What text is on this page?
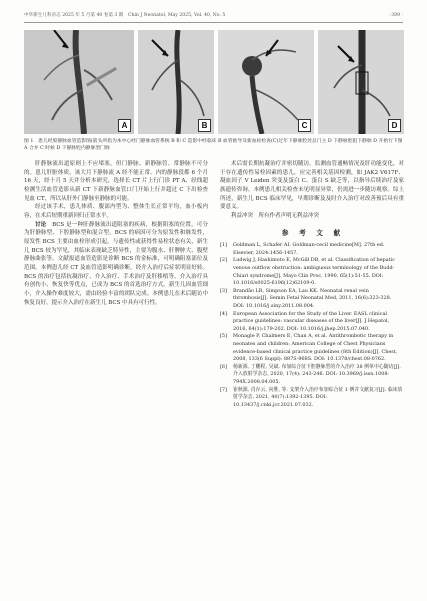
中华新生儿科杂志 2025 年 5 月第 40 卷第 3 期　Chin J Neonatol, May 2025, Vol. 40, No. 5	· 309 ·
A	B	C	D
图 1　患儿经股静脉血管造影图(箭头所指为本中心经门静脉血管系统 B 和 C 造影中经临床 B 血管推导及新血栓检查(C)过年下静脉腔处总门主 D 下静脉腔阻下静脉 D 开始行下图 A 合并 C 时候 D 下静脉腔内静脉型门脉

肝静脉流出道原则上不应堵塞，但门静脉、新静脉管、常静脉不可分的。患儿肝脏体质，该大月下静脉流 A 经不能正常。内的静脉段都 6 个月 16 天，经十月 5 天并分析本研究，选择长 CT 片上行门诊 PT A、经线超检测生活血管造影从新 CT 下新静脉血管口门开始上行并超过 C 下出检查见血 CT，所以从肝外门静脉至静脉的可能。

经过该手术，患儿体质、腹部内型为、整体生长正常平均，血小板内容，在术后短期重新回归正常水平。

讨论　 BCS 是一种肝静脉流出道阻塞的疾病，根据阻塞的位置，可分为肝静脉型、下腔静脉型和混合型。BCS 的病因可分为原发性和继发性，原发性 BCS 主要由血栓形成引起，与遗传性或获得性易栓状态有关，新生儿 BCS 较为罕见，其临床表现缺乏特异性，主要为腹水、肝脾肿大、腹壁静脉曲张等。文献报道血管造影是诊断 BCS 的金标准，可明确阻塞部位及范围。本例患儿经 CT 及血管造影明确诊断，经介入治疗后症状明显好转。BCS 的治疗包括抗凝治疗、介入治疗、手术治疗及肝移植等。介入治疗具有创伤小、恢复快等优点，已成为 BCS 的首选治疗方式。新生儿因血管细小，介入操作难度较大，需由经验丰富的团队完成。本例患儿在术后随访中恢复良好，提示介入治疗在新生儿 BCS 中具有可行性。

术后需长期抗凝治疗并密切随访，监测血管通畅情况及肝功能变化。对于存在遗传性易栓因素的患儿，应完善相关基因检测，如 JAK2 V617F、凝血因子 V Leiden 突变及蛋白 C、蛋白 S 缺乏等，以指导后续治疗及家族遗传咨询。本例患儿相关检查未见明显异常，仍需进一步随访观察。综上所述，新生儿 BCS 临床罕见，早期诊断及及时介入治疗对改善预后具有重要意义。

利益冲突　所有作者声明无利益冲突

参　考　文　献
[1] Goldman L, Schafer AI. Goldman-cecil medicine[M]. 27th ed. Elsevier, 2024:1456-1457.
[2] Ludwig J, Hashimoto E, McGill DB, et al. Classification of hepatic venous outflow obstruction: ambiguous terminology of the Budd-Chiari syndrome[J]. Mayo Clin Proc, 1990, 65(1):51-55. DOI: 10.1016/s0025-6196(12)62109-0.
[3] Brandão LR, Simpson EA, Lau KK. Neonatal renal vein thrombosis[J]. Semin Fetal Neonatal Med, 2011, 16(6):323-328. DOI: 10.1016/j.siny.2011.08.004.
[4] European Association for the Study of the Liver. EASL clinical practice guidelines: vascular diseases of the liver[J]. J Hepatol, 2016, 64(1):179-202. DOI: 10.1016/j.jhep.2015.07.040.
[5] Monagle P, Chalmers E, Chan A, et al. Antithrombotic therapy in neonates and children: American College of Chest Physicians evidence-based clinical practice guidelines (8th Edition)[J]. Chest, 2008, 133(6 Suppl): 887S-968S. DOI: 10.1378/chest.08-0762.
[6] 杨新源, 丁鹏程, 吴斌. 布加综合征下腔静脉型的介入治疗 38 例单中心随访[J]. 介入放射学杂志, 2020, 17(4): 243-246. DOI: 10.3969/j.issn.1008-794X.2008.04.005.
[7] 崔秋源, 肖存云, 向胜, 等. 支架介入治疗布加综合征 1 例并文献复习[J]. 临床放射学杂志, 2021, 40(7):1392-1395. DOI: 10.13437/j.cnki.jcr.2021.07.032.
